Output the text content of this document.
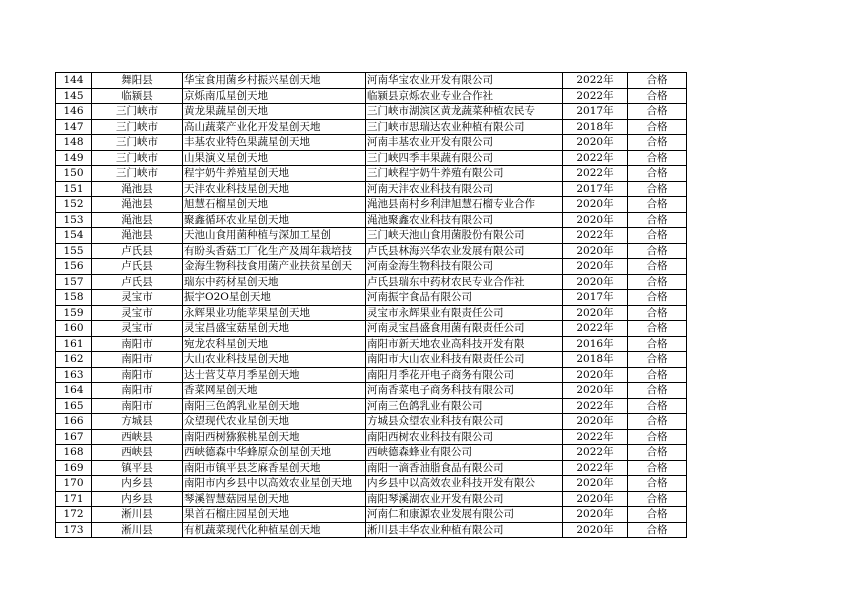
144	舞阳县	华宝食用菌乡村振兴星创天地	河南华宝农业开发有限公司	2022年	合格
145	临颍县	京烁南瓜星创天地	临颍县京烁农业专业合作社	2022年	合格
146	三门峡市	黄龙果蔬星创天地	三门峡市湖滨区黄龙蔬菜种植农民专	2017年	合格
147	三门峡市	高山蔬菜产业化开发星创天地	三门峡市思瑞达农业种植有限公司	2018年	合格
148	三门峡市	丰基农业特色果蔬星创天地	河南丰基农业开发有限公司	2020年	合格
149	三门峡市	山果演义星创天地	三门峡四季丰果蔬有限公司	2022年	合格
150	三门峡市	程宇奶牛养殖星创天地	三门峡程宇奶牛养殖有限公司	2022年	合格
151	渑池县	天沣农业科技星创天地	河南天沣农业科技有限公司	2017年	合格
152	渑池县	旭慧石榴星创天地	渑池县南村乡利津旭慧石榴专业合作	2020年	合格
153	渑池县	聚鑫循环农业星创天地	渑池聚鑫农业科技有限公司	2020年	合格
154	渑池县	天池山食用菌种植与深加工星创	三门峡天池山食用菌股份有限公司	2022年	合格
155	卢氏县	有盼头香菇工厂化生产及周年栽培技	卢氏县林海兴华农业发展有限公司	2020年	合格
156	卢氏县	金海生物科技食用菌产业扶贫星创天	河南金海生物科技有限公司	2020年	合格
157	卢氏县	瑞东中药材星创天地	卢氏县瑞东中药材农民专业合作社	2020年	合格
158	灵宝市	振宇O2O星创天地	河南振宇食品有限公司	2017年	合格
159	灵宝市	永辉果业功能苹果星创天地	灵宝市永辉果业有限责任公司	2020年	合格
160	灵宝市	灵宝昌盛宝菇星创天地	河南灵宝昌盛食用菌有限责任公司	2022年	合格
161	南阳市	宛龙农科星创天地	南阳市新天地农业高科技开发有限	2016年	合格
162	南阳市	大山农业科技星创天地	南阳市大山农业科技有限责任公司	2018年	合格
163	南阳市	达士营艾草月季星创天地	南阳月季花开电子商务有限公司	2020年	合格
164	南阳市	香菜网星创天地	河南香菜电子商务科技有限公司	2020年	合格
165	南阳市	南阳三色鸽乳业星创天地	河南三色鸽乳业有限公司	2022年	合格
166	方城县	众望现代农业星创天地	方城县众望农业科技有限公司	2020年	合格
167	西峡县	南阳西树猕猴桃星创天地	南阳西树农业科技有限公司	2022年	合格
168	西峡县	西峡德森中华蜂原众创星创天地	西峡德森蜂业有限公司	2022年	合格
169	镇平县	南阳市镇平县芝麻香星创天地	南阳一滴香油脂食品有限公司	2022年	合格
170	内乡县	南阳市内乡县中以高效农业星创天地	内乡县中以高效农业科技开发有限公	2020年	合格
171	内乡县	琴溪智慧菇园星创天地	南阳琴溪湖农业开发有限公司	2020年	合格
172	淅川县	果首石榴庄园星创天地	河南仁和康源农业发展有限公司	2020年	合格
173	淅川县	有机蔬菜现代化种植星创天地	淅川县丰华农业种植有限公司	2020年	合格
